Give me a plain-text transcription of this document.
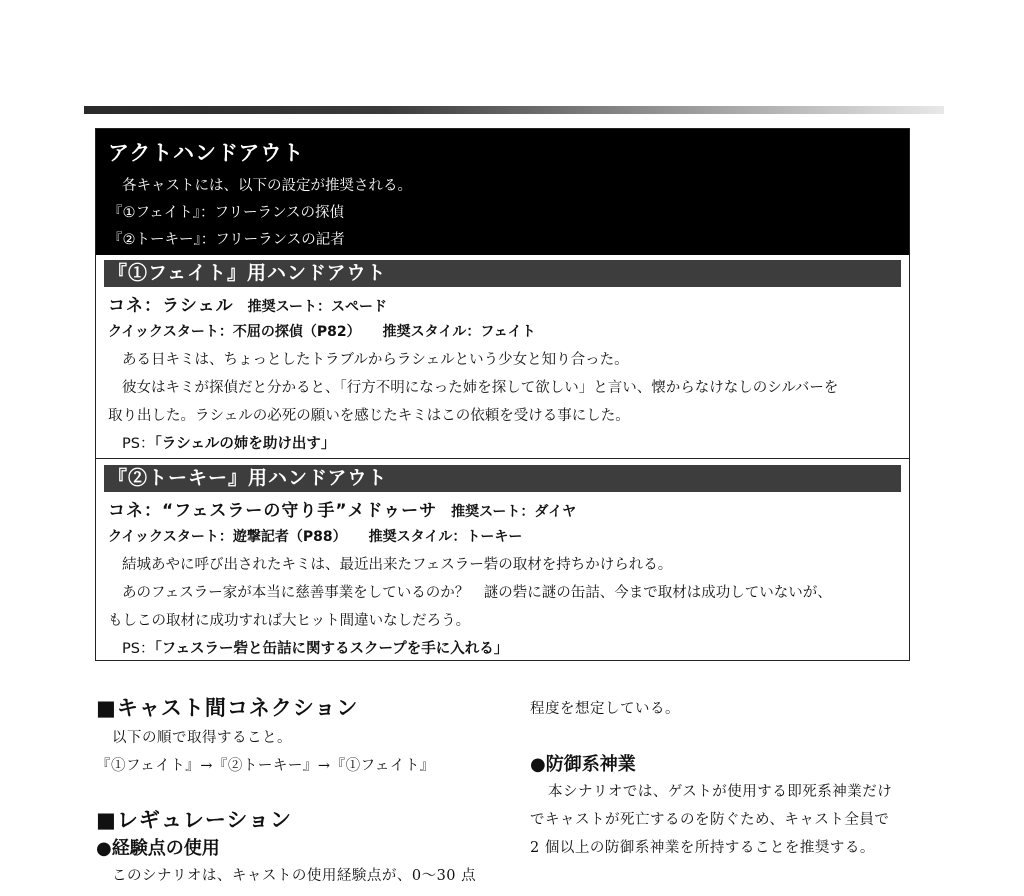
アクトハンドアウト
各キャストには、以下の設定が推奨される。
『①フェイト』：フリーランスの探偵
『②トーキー』：フリーランスの記者
『①フェイト』用ハンドアウト
コネ：ラシェル 推奨スート：スペード
クイックスタート：不屈の探偵（P82） 推奨スタイル：フェイト
ある日キミは、ちょっとしたトラブルからラシェルという少女と知り合った。
彼女はキミが探偵だと分かると、「行方不明になった姉を探して欲しい」と言い、懐からなけなしのシルバーを
取り出した。ラシェルの必死の願いを感じたキミはこの依頼を受ける事にした。
PS：「ラシェルの姉を助け出す」
『②トーキー』用ハンドアウト
コネ：“フェスラーの守り手”メドゥーサ 推奨スート：ダイヤ
クイックスタート：遊撃記者（P88） 推奨スタイル：トーキー
結城あやに呼び出されたキミは、最近出来たフェスラー砦の取材を持ちかけられる。
あのフェスラー家が本当に慈善事業をしているのか？　謎の砦に謎の缶詰、今まで取材は成功していないが、
もしこの取材に成功すれば大ヒット間違いなしだろう。
PS：「フェスラー砦と缶詰に関するスクープを手に入れる」
■キャスト間コネクション
以下の順で取得すること。
『①フェイト』→『②トーキー』→『①フェイト』
■レギュレーション
●経験点の使用
このシナリオは、キャストの使用経験点が、0〜30 点
程度を想定している。
●防御系神業
本シナリオでは、ゲストが使用する即死系神業だけ
でキャストが死亡するのを防ぐため、キャスト全員で
2 個以上の防御系神業を所持することを推奨する。
